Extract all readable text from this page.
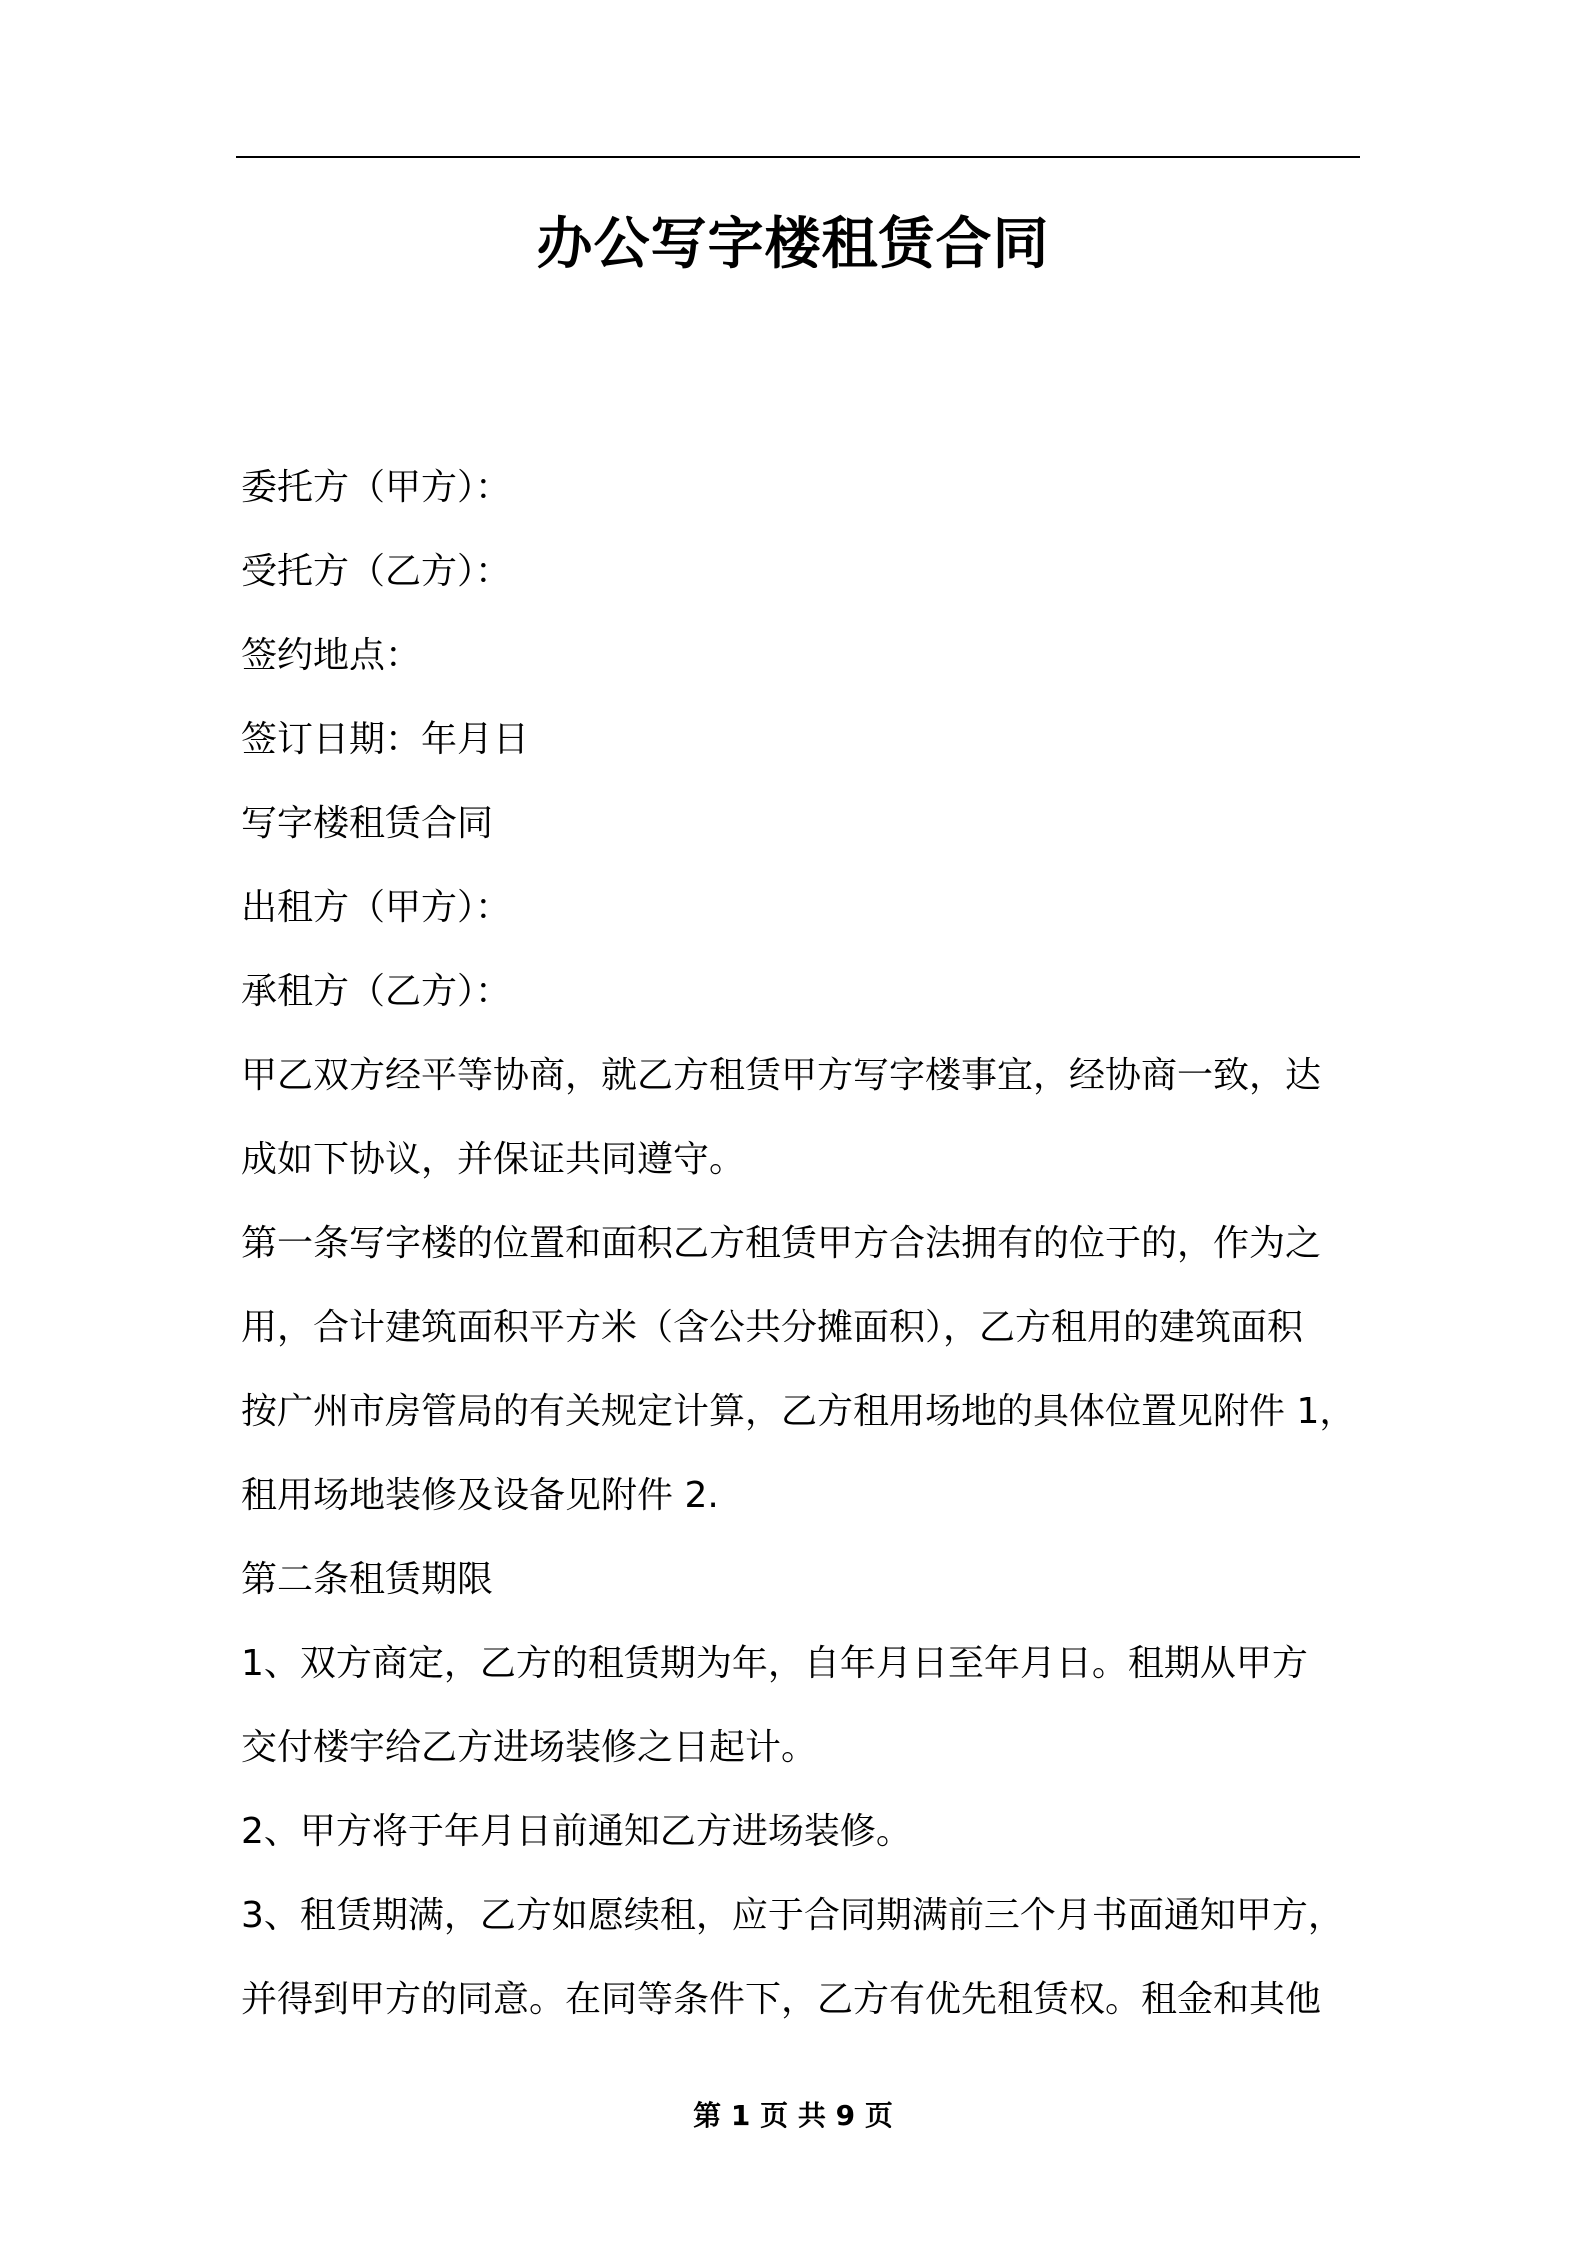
办公写字楼租赁合同
委托方（甲方）：
受托方（乙方）：
签约地点：
签订日期：年月日
写字楼租赁合同
出租方（甲方）：
承租方（乙方）：
甲乙双方经平等协商，就乙方租赁甲方写字楼事宜，经协商一致，达
成如下协议，并保证共同遵守。
第一条写字楼的位置和面积乙方租赁甲方合法拥有的位于的，作为之
用，合计建筑面积平方米（含公共分摊面积），乙方租用的建筑面积
按广州市房管局的有关规定计算，乙方租用场地的具体位置见附件 1，
租用场地装修及设备见附件 2.
第二条租赁期限
1、双方商定，乙方的租赁期为年，自年月日至年月日。租期从甲方
交付楼宇给乙方进场装修之日起计。
2、甲方将于年月日前通知乙方进场装修。
3、租赁期满，乙方如愿续租，应于合同期满前三个月书面通知甲方，
并得到甲方的同意。在同等条件下，乙方有优先租赁权。租金和其他
第 1 页 共 9 页
